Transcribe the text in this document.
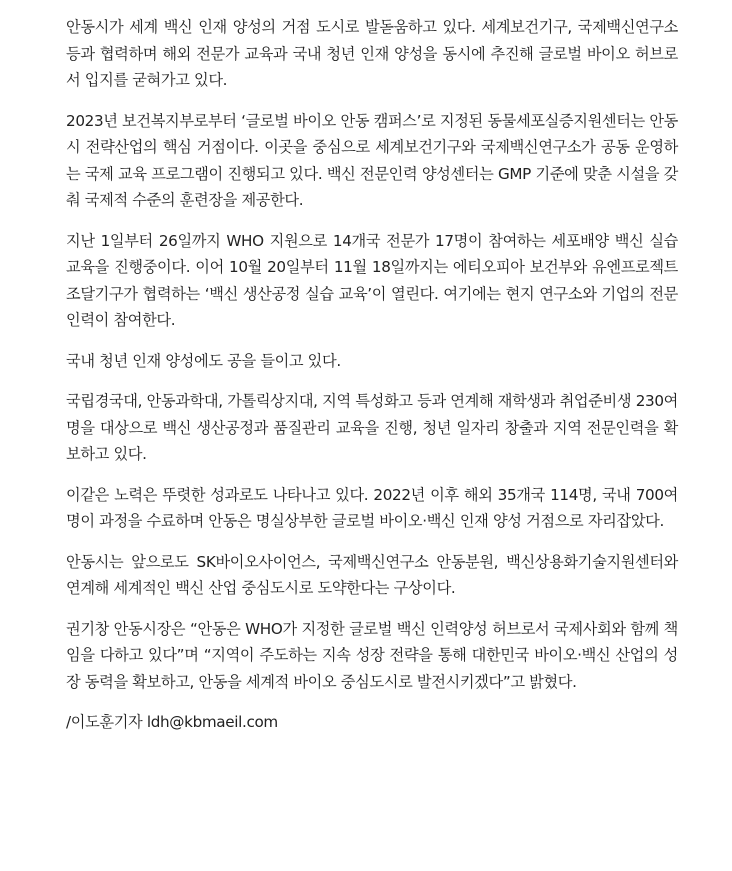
안동시가 세계 백신 인재 양성의 거점 도시로 발돋움하고 있다. 세계보건기구, 국제백신연구소 등과 협력하며 해외 전문가 교육과 국내 청년 인재 양성을 동시에 추진해 글로벌 바이오 허브로서 입지를 굳혀가고 있다.

2023년 보건복지부로부터 ‘글로벌 바이오 안동 캠퍼스’로 지정된 동물세포실증지원센터는 안동시 전략산업의 핵심 거점이다. 이곳을 중심으로 세계보건기구와 국제백신연구소가 공동 운영하는 국제 교육 프로그램이 진행되고 있다. 백신 전문인력 양성센터는 GMP 기준에 맞춘 시설을 갖춰 국제적 수준의 훈련장을 제공한다.

지난 1일부터 26일까지 WHO 지원으로 14개국 전문가 17명이 참여하는 세포배양 백신 실습 교육을 진행중이다. 이어 10월 20일부터 11월 18일까지는 에티오피아 보건부와 유엔프로젝트조달기구가 협력하는 ‘백신 생산공정 실습 교육’이 열린다. 여기에는 현지 연구소와 기업의 전문 인력이 참여한다.

국내 청년 인재 양성에도 공을 들이고 있다.

국립경국대, 안동과학대, 가톨릭상지대, 지역 특성화고 등과 연계해 재학생과 취업준비생 230여 명을 대상으로 백신 생산공정과 품질관리 교육을 진행, 청년 일자리 창출과 지역 전문인력을 확보하고 있다.

이같은 노력은 뚜렷한 성과로도 나타나고 있다. 2022년 이후 해외 35개국 114명, 국내 700여 명이 과정을 수료하며 안동은 명실상부한 글로벌 바이오·백신 인재 양성 거점으로 자리잡았다.

안동시는 앞으로도 SK바이오사이언스, 국제백신연구소 안동분원, 백신상용화기술지원센터와 연계해 세계적인 백신 산업 중심도시로 도약한다는 구상이다.

권기창 안동시장은 “안동은 WHO가 지정한 글로벌 백신 인력양성 허브로서 국제사회와 함께 책임을 다하고 있다”며 “지역이 주도하는 지속 성장 전략을 통해 대한민국 바이오·백신 산업의 성장 동력을 확보하고, 안동을 세계적 바이오 중심도시로 발전시키겠다”고 밝혔다.

/이도훈기자 ldh@kbmaeil.com
